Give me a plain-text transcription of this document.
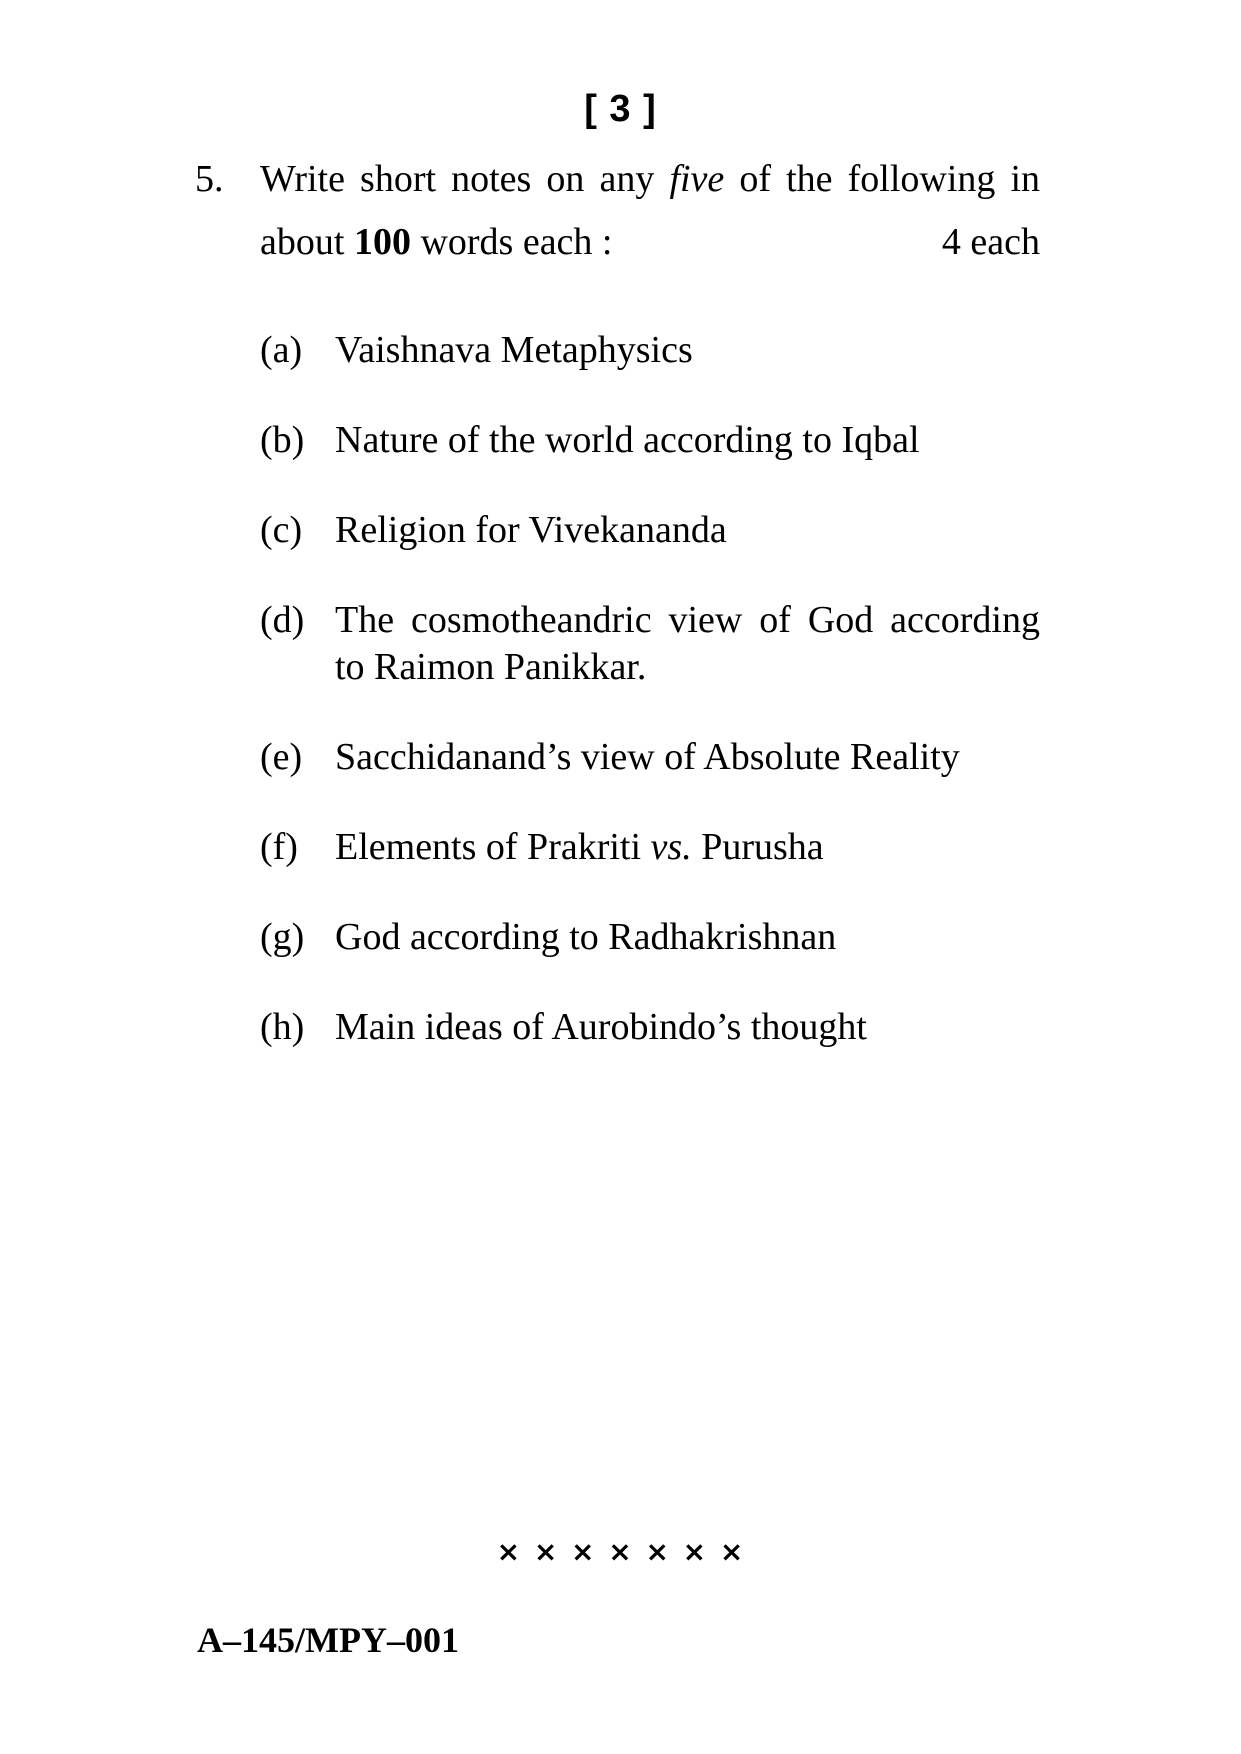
[ 3 ]
5. Write short notes on any five of the following in
about 100 words each :	4 each
(a) Vaishnava Metaphysics
(b) Nature of the world according to Iqbal
(c) Religion for Vivekananda
(d) The cosmotheandric view of God according
to Raimon Panikkar.
(e) Sacchidanand’s view of Absolute Reality
(f) Elements of Prakriti vs. Purusha
(g) God according to Radhakrishnan
(h) Main ideas of Aurobindo’s thought
× × × × × × ×
A–145/MPY–001
